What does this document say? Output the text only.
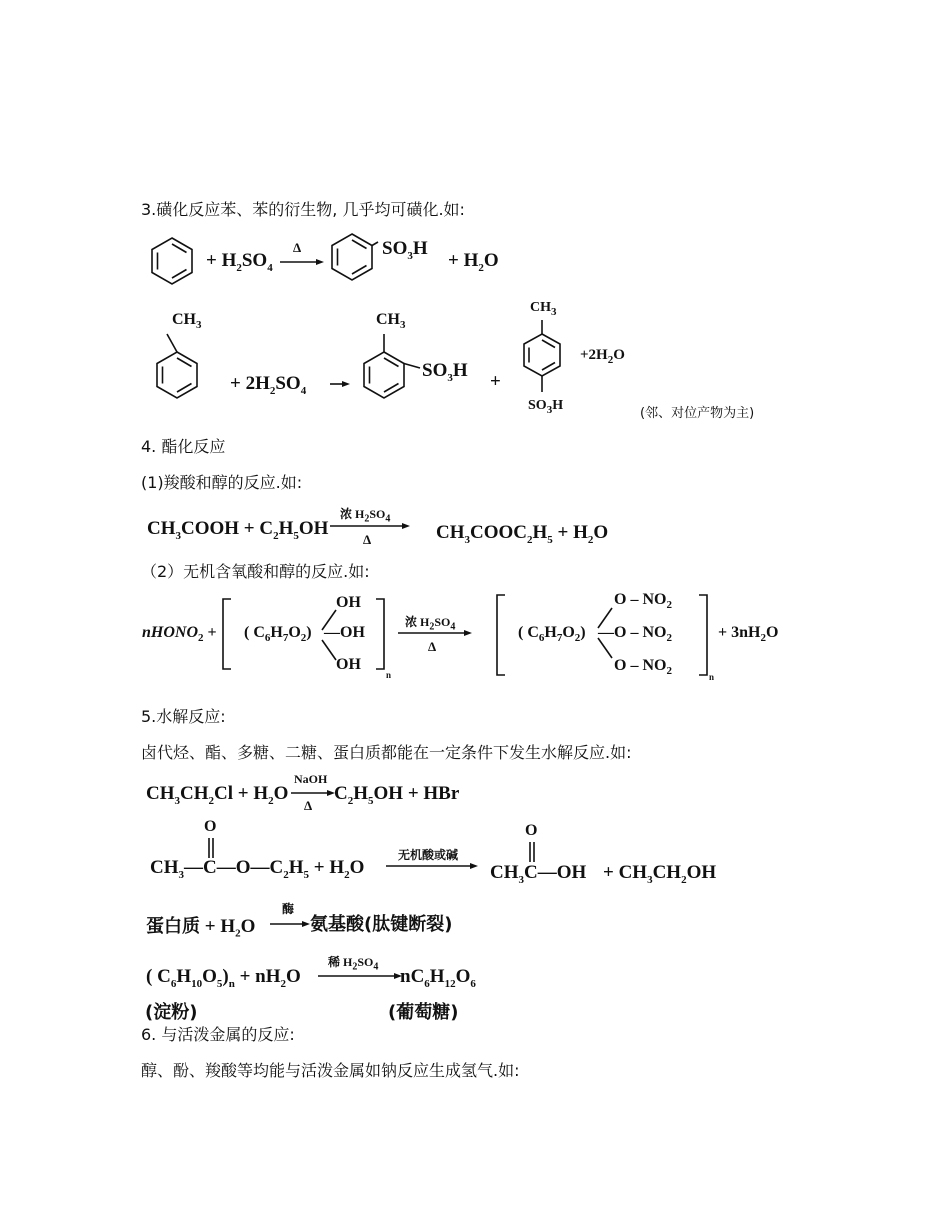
3.磺化反应苯、苯的衍生物, 几乎均可磺化.如:
+ $H_2SO_4$
Δ	$SO_3H$
+ $H_2O$
$CH_3$
+ $2H_2SO_4$
$CH_3$
$SO_3H$
+
$CH_3$
$SO_3H$
$+2H_2O$
(邻、对位产物为主)
4. 酯化反应
(1)羧酸和醇的反应.如:
$CH_3COOH + C_2H_5OH$
浓 $H_2SO_4$
Δ	$CH_3COOC_2H_5 + H_2O$
（2）无机含氧酸和醇的反应.如:
nHONO$_2$ + ( $C_6H_7O_2$)
OH
—OH
OH
n
浓 $H_2SO_4$
Δ
( $C_6H_7O_2$)
O – $NO_2$
—O – $NO_2$
O – $NO_2$	n
+ $3nH_2O$
5.水解反应:
卤代烃、酯、多糖、二糖、蛋白质都能在一定条件下发生水解反应.如:
$CH_3CH_2Cl + H_2O$
NaOH
Δ
$C_2H_5OH$ + HBr
O
$CH_3—C—O—C_2H_5 + H_2O$
无机酸或碱
O
$CH_3C—OH + CH_3CH_2OH$
蛋白质 + $H_2O$
酶
→ 氨基酸(肽键断裂)
( $C_6H_{10}O_5)_n + nH_2O$
稀 $H_2SO_4$ $nC_6H_{12}O_6$
(淀粉)	(葡萄糖)
6. 与活泼金属的反应:
醇、酚、羧酸等均能与活泼金属如钠反应生成氢气.如:
